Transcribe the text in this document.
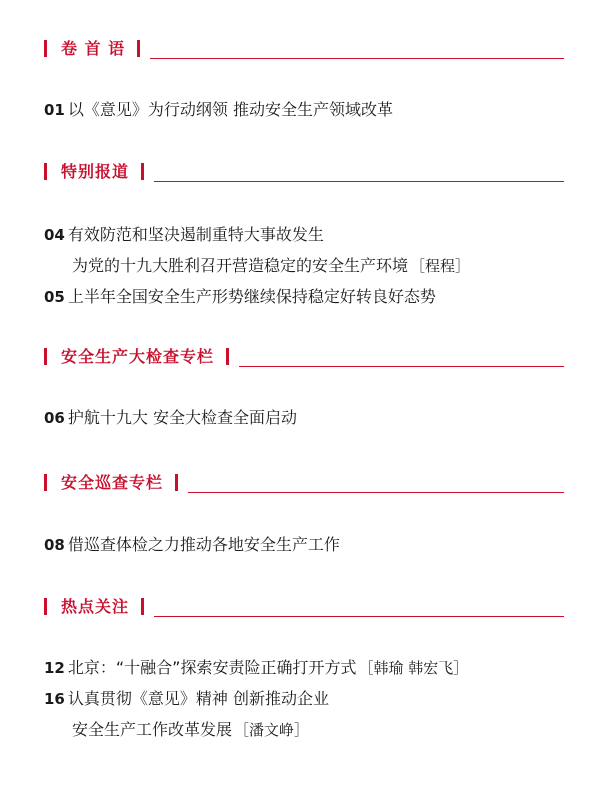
卷 首 语
01 以《意见》为行动纲领 推动安全生产领域改革
特别报道
04 有效防范和坚决遏制重特大事故发生
为党的十九大胜利召开营造稳定的安全生产环境 ［程程］
05 上半年全国安全生产形势继续保持稳定好转良好态势
安全生产大检查专栏
06 护航十九大 安全大检查全面启动
安全巡查专栏
08 借巡查体检之力推动各地安全生产工作
热点关注
12 北京：“十融合”探索安责险正确打开方式 ［韩瑜 韩宏飞］
16 认真贯彻《意见》精神 创新推动企业
安全生产工作改革发展 ［潘文峥］
